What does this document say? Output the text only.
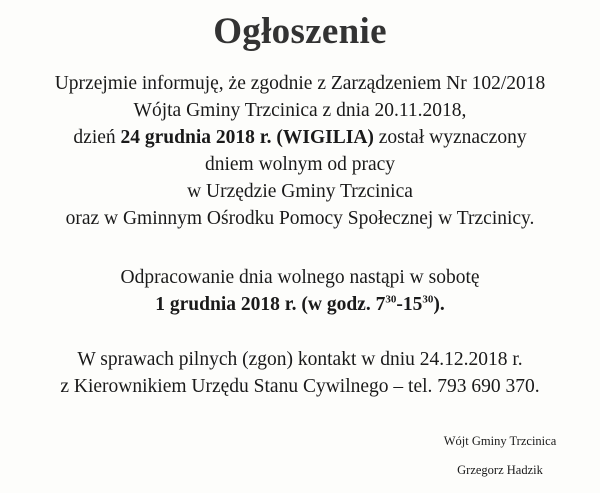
Ogłoszenie

Uprzejmie informuję, że zgodnie z Zarządzeniem Nr 102/2018

Wójta Gminy Trzcinica z dnia 20.11.2018,

dzień 24 grudnia 2018 r. (WIGILIA) został wyznaczony

dniem wolnym od pracy

w Urzędzie Gminy Trzcinica

oraz w Gminnym Ośrodku Pomocy Społecznej w Trzcinicy.

Odpracowanie dnia wolnego nastąpi w sobotę

1 grudnia 2018 r. (w godz. $7^{30}-15^{30}$).

W sprawach pilnych (zgon) kontakt w dniu 24.12.2018 r.

z Kierownikiem Urzędu Stanu Cywilnego – tel. 793 690 370.

Wójt Gminy Trzcinica
Grzegorz Hadzik
